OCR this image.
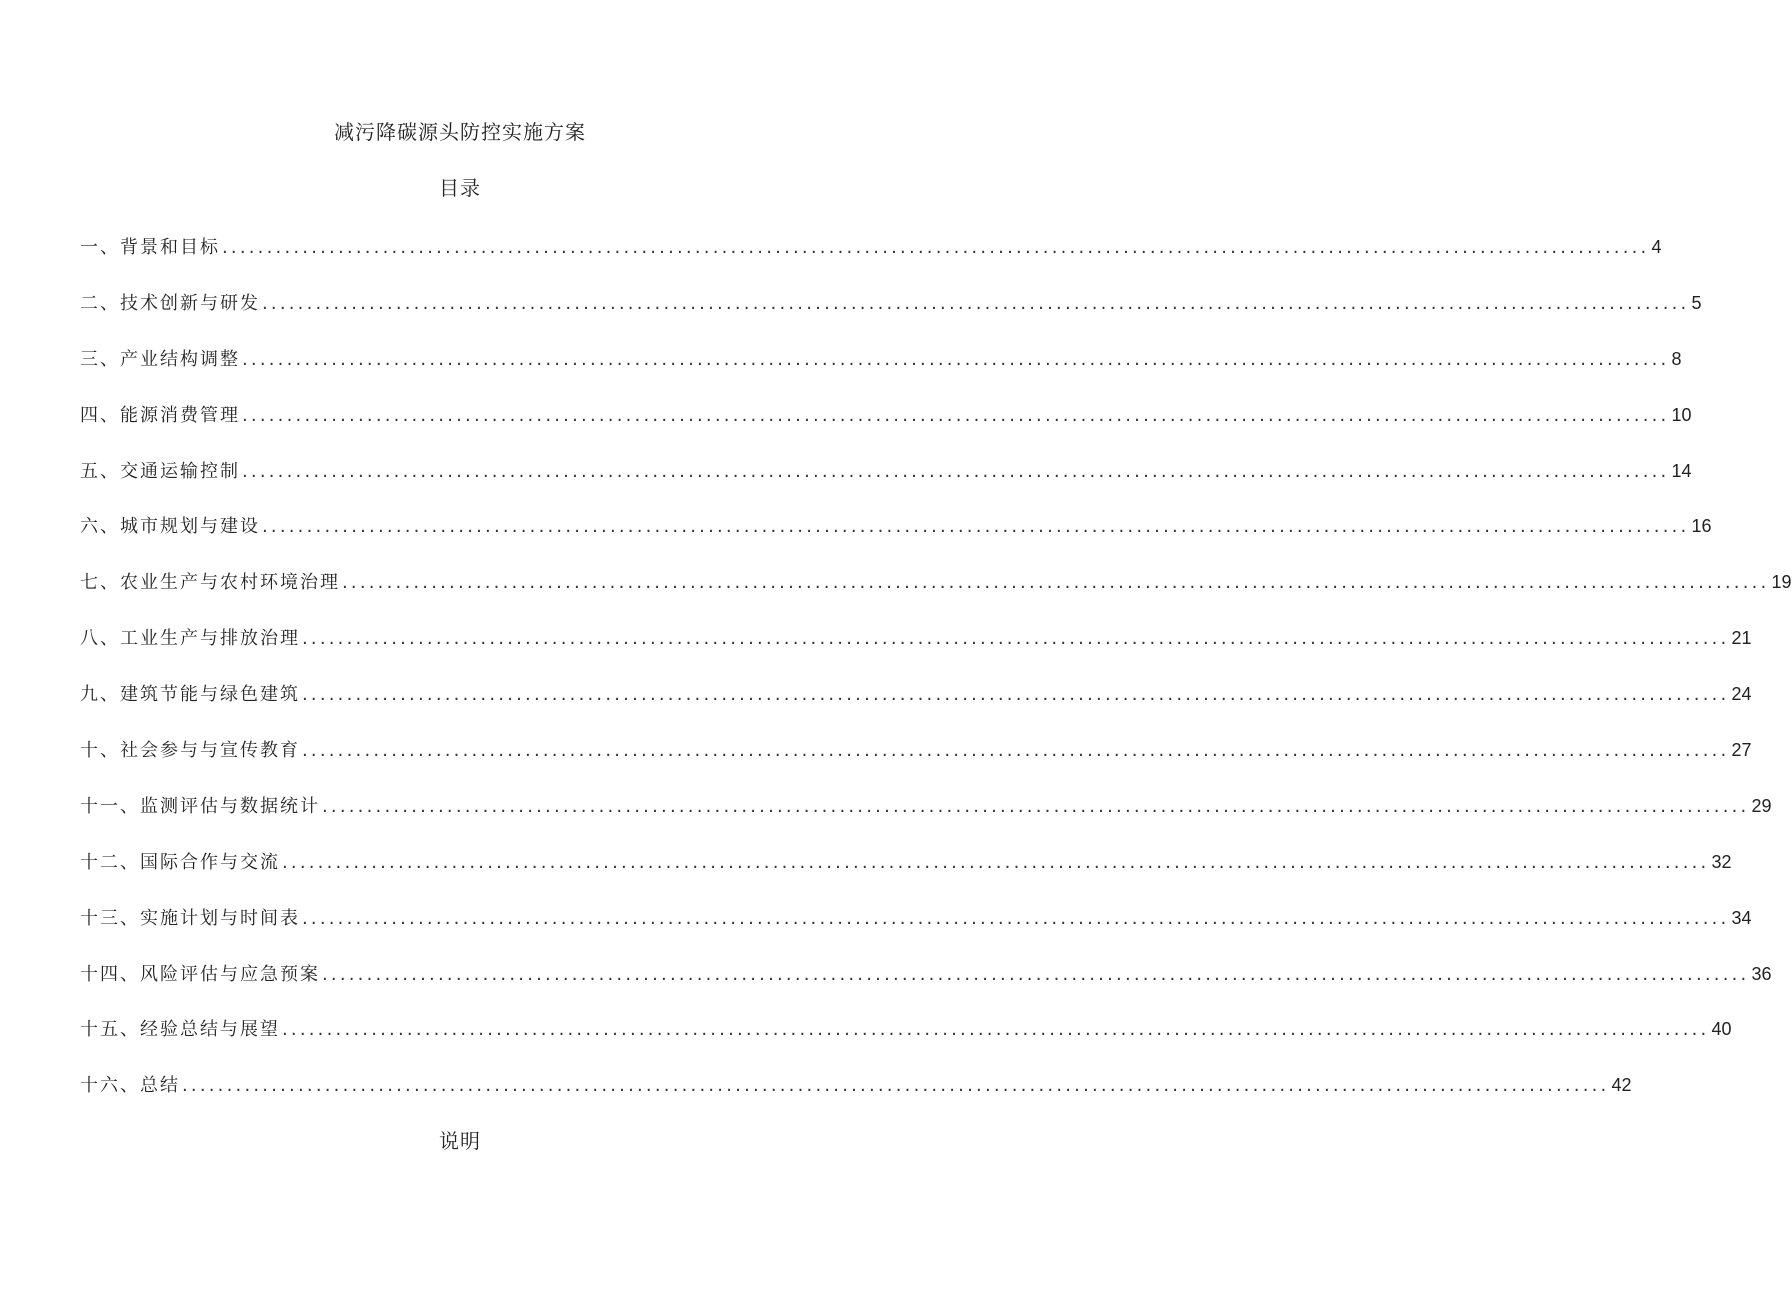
减污降碳源头防控实施方案
目录
一、背景和目标 ................................................................................................................................................................ 4
二、技术创新与研发 ................................................................................................................................................................ 5
三、产业结构调整 ................................................................................................................................................................ 8
四、能源消费管理 ................................................................................................................................................................ 10
五、交通运输控制 ................................................................................................................................................................ 14
六、城市规划与建设 ................................................................................................................................................................ 16
七、农业生产与农村环境治理 ................................................................................................................................................................ 19
八、工业生产与排放治理 ................................................................................................................................................................ 21
九、建筑节能与绿色建筑 ................................................................................................................................................................ 24
十、社会参与与宣传教育 ................................................................................................................................................................ 27
十一、监测评估与数据统计 ................................................................................................................................................................ 29
十二、国际合作与交流 ................................................................................................................................................................ 32
十三、实施计划与时间表 ................................................................................................................................................................ 34
十四、风险评估与应急预案 ................................................................................................................................................................ 36
十五、经验总结与展望 ................................................................................................................................................................ 40
十六、总结 ................................................................................................................................................................ 42
说明
